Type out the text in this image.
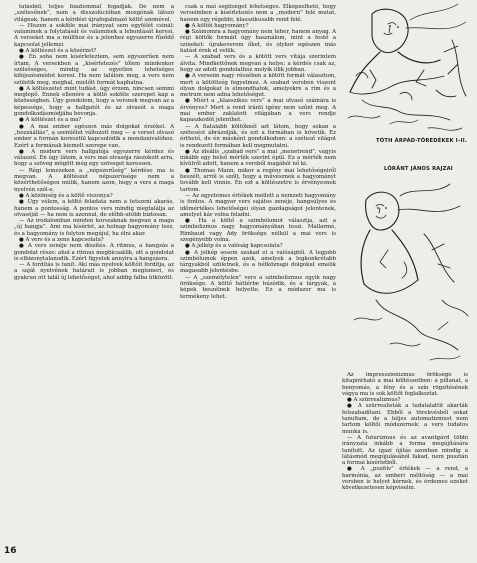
tatásból, teljes biazlemmal fogadják. De nem a „szétesőnek”, nem a disszolúcióban mozgónak látszó világnak, hanem a kérdést újrafogalmazó költő szemével.

— Hiszen a sokféle mai irányzat sem egyfélét csinál: valaminek a folytatását és valaminek a lebontását keresi. A verseket ma a múlthoz és a jelenhez egyszerre fűződő kapcsolat jellemzi.

● A költészet és a közérzet?

● Én soha nem kísérleteztem, sem egyszerűen nem írtam. A versekben a „kísérletezés” tőlem mindenkor szélsőséges, mindig az egyetlen lehetséges kifejezésmódot keresi. Ha nem találom meg, a vers nem születik meg, meghal, mielőtt formát kaphatna.

● A költészetet mint tudást, úgy érzem, nincsen semmi meglepő. Ennek ellenére a költő sokféle szerepet kap a közösségben. Úgy gondolom, hogy a versnek megvan az a képessége, hogy a hallgatót és az olvasót a maga gondolkodásmódjába bevonja.

● A költészet és a ma?

● A mai ember egészen más dolgokat érzékel. A „hozzáállás”, a szemlélet változott meg — a verset olvasó ember a formán keresztül kapcsolódik a mondanivalóhoz. Ezért a formának kiemelt szerepe van.

● A modern vers hallgatója egyszerre kérdez és válaszol. Én úgy látom, a vers mai olvasója rászokott arra, hogy a szöveg mögött még egy szöveget keressen.

— Régi lemezeken a „népszerűség” kérdése ma is megvan. A költészet népszerűsége nem a közérthetőségen múlik, hanem azon, hogy a vers a maga nyelvén szól-e.

● A közönség és a költő viszonya?

● Úgy vélem, a költő feladata nem a tetszeni akarás, hanem a pontosság. A pontos vers mindig megtalálja az olvasóját — ha nem is azonnal, de előbb-utóbb biztosan.

— Az irodalomban minden korszaknak megvan a maga „új hangja”. Ami ma kísérlet, az holnap hagyomány lesz, és a hagyomány is folyton megújul, ha élni akar.

● A vers és a zene kapcsolata?

● A vers zenéje nem díszítés. A ritmus, a hangzás a gondolat része: ahol a ritmus megbicsaklik, ott a gondolat is elbizonytalanodik. Ezért figyelek annyira a hangzásra.

— A fordítás is tanít. Aki más nyelvek költőit fordítja, az a saját nyelvének határait is jobban megismeri, és gyakran ott talál új lehetőséget, ahol addig falba ütközött.

csak a mai segítséget lehetséges. Elképzelhető, hogy verseimben a kísérletezés nem a „modern” felé mutat, hanem egy régebbi, klasszikusabb rend felé.

● A költői hagyomány?

● Számomra a hagyomány nem teher, hanem anyag. A régi költők formáit úgy használom, mint a festő a színeket: újrakeverem őket, és olykor egészen más hatást érek el velük.

— A szabad vers és a kötött vers vitája szerintem álvita. Mindkettőnek megvan a helye; a kérdés csak az, hogy az adott gondolathoz melyik illik jobban.

● A verseim nagy részében a kötött formát választom, mert a kötöttség fegyelmez. A szabad versben viszont olyan dolgokat is elmondhatok, amelyekre a rím és a metrum nem adna lehetőséget.

● Miért a „klasszikus vers” a mai olvasó számára is érvényes? Mert a rend iránti igény nem szűnt meg. A mai ember zaklatott világában a vers rendje kapaszkodót jelenthet.

— A fiatalabb költőknél azt látom, hogy sokan a szétesést ábrázolják, és ezt a formában is követik. Ez érthető, de én másként gondolkodom: a széteső világot is rendezett formában kell megmutatni.

● Az ideális „szabad vers” a mai „menetrend”, vagyis inkább egy belső mérték szerint épül. Ez a mérték nem kívülről adott, hanem a versből magából nő ki.

● Thomas Mann, mikor a regény mai lehetőségeiről beszélt, arról is szólt, hogy a művésznek a hagyományt tovább kell vinnie. Én ezt a költészetre is érvényesnek tartom.

— Az egyetemes értékek mellett a nemzeti hagyomány is fontos. A magyar vers sajátos zenéje, hangsúlyos és időmértékes lehetőségei olyan gazdagságot jelentenek, amelyet kár volna feladni.

● Ha a költő a szimbólumot választja, azt a szimbolizmus nagy hagyományában teszi. Mallarmé, Rimbaud vagy Ady öröksége nélkül a mai vers is szegényebb volna.

● A jelkép és a valóság kapcsolata?

● A jelkép sosem szakad el a valóságtól. A legjobb szimbólumok éppen azok, amelyek a legkonkrétabb tárgyakból születnek, és a hétköznapi dolgokat emelik magasabb jelentésbe.

— A „személytelen” vers a szimbolizmus egyik nagy öröksége. A költő háttérbe húzódik, és a tárgyak, a képek beszélnek helyette. Ez a módszer ma is termékeny lehet.

TÓTH ÁRPÁD-TÖREDÉKEK I–II.
LÓRÁNT JÁNOS RAJZAI

Az impresszionizmus öröksége is kitapintható a mai költészetben: a pillanat, a benyomás, a fény és a szín rögzítésének vágya ma is sok költőt foglalkoztat.

● A szürrealizmus?

● A szürrealisták a tudatalattit akarták felszabadítani. Ebből a törekvésből sokat tanultam, de a teljes automatizmust nem tartom költői módszernek: a vers tudatos munka is.

— A futurizmus és az avantgárd többi irányzata inkább a forma megújítására tanított. Az igazi újítás azonban mindig a látásmód megújulásából fakad, nem pusztán a formai kísérletből.

● A „pozitív” értékek — a rend, a harmónia, az emberi méltóság — a mai versben is helyet kérnek, és érdemes ezeket következetesen képviselni.

16
